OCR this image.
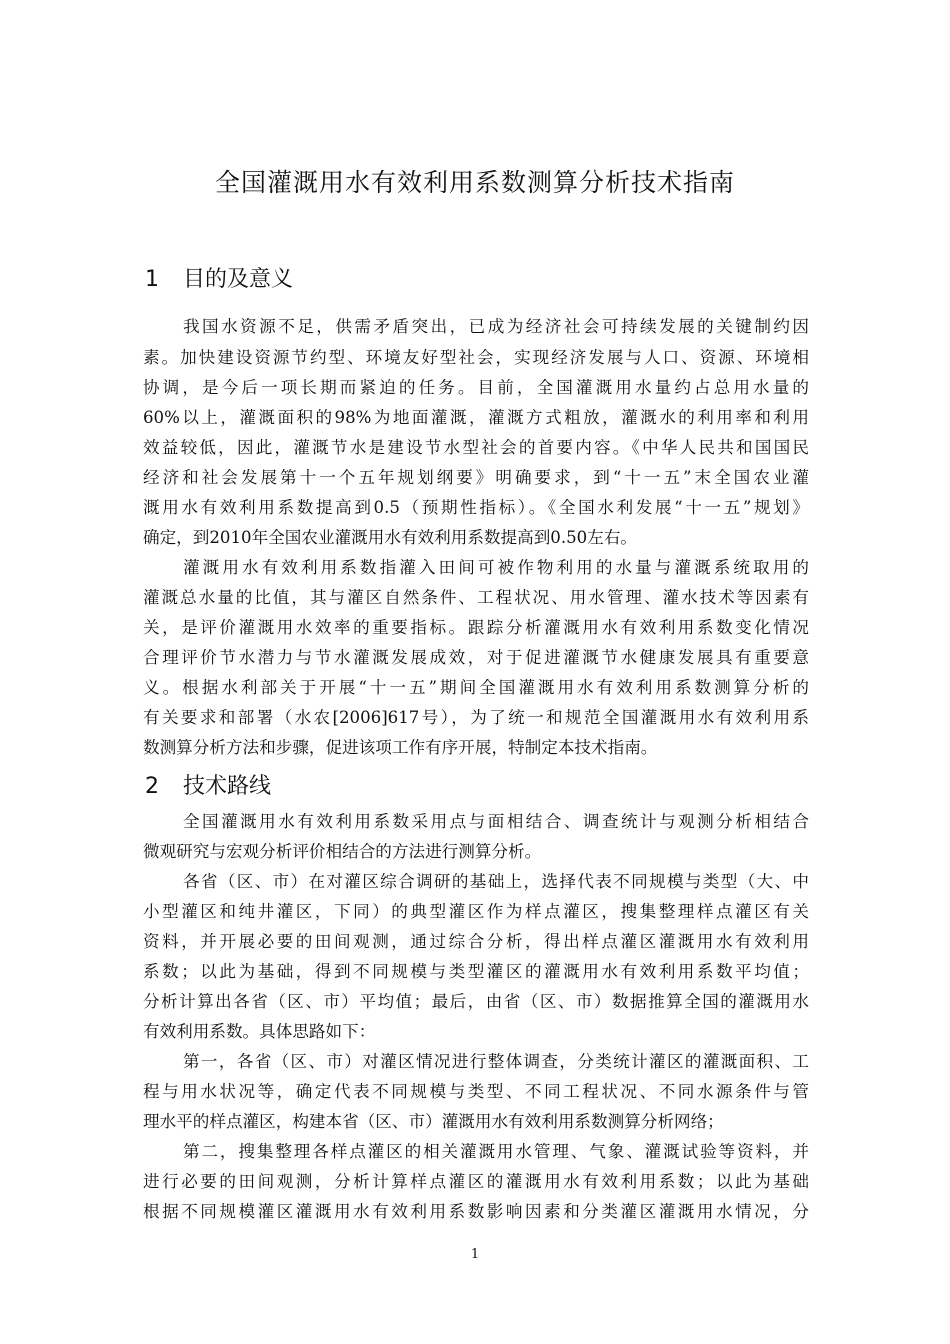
全国灌溉用水有效利用系数测算分析技术指南
1 目的及意义
我国水资源不足，供需矛盾突出，已成为经济社会可持续发展的关键制约因
素。加快建设资源节约型、环境友好型社会，实现经济发展与人口、资源、环境相
协调，是今后一项长期而紧迫的任务。目前，全国灌溉用水量约占总用水量的
60%以上，灌溉面积的98%为地面灌溉，灌溉方式粗放，灌溉水的利用率和利用
效益较低，因此，灌溉节水是建设节水型社会的首要内容。《中华人民共和国国民
经济和社会发展第十一个五年规划纲要》明确要求，到“十一五”末全国农业灌
溉用水有效利用系数提高到0.5（预期性指标）。《全国水利发展“十一五”规划》
确定，到2010年全国农业灌溉用水有效利用系数提高到0.50左右。
灌溉用水有效利用系数指灌入田间可被作物利用的水量与灌溉系统取用的
灌溉总水量的比值，其与灌区自然条件、工程状况、用水管理、灌水技术等因素有
关，是评价灌溉用水效率的重要指标。跟踪分析灌溉用水有效利用系数变化情况
合理评价节水潜力与节水灌溉发展成效，对于促进灌溉节水健康发展具有重要意
义。根据水利部关于开展“十一五”期间全国灌溉用水有效利用系数测算分析的
有关要求和部署（水农[2006]617号），为了统一和规范全国灌溉用水有效利用系
数测算分析方法和步骤，促进该项工作有序开展，特制定本技术指南。
2 技术路线
全国灌溉用水有效利用系数采用点与面相结合、调查统计与观测分析相结合
微观研究与宏观分析评价相结合的方法进行测算分析。
各省（区、市）在对灌区综合调研的基础上，选择代表不同规模与类型（大、中
小型灌区和纯井灌区，下同）的典型灌区作为样点灌区，搜集整理样点灌区有关
资料，并开展必要的田间观测，通过综合分析，得出样点灌区灌溉用水有效利用
系数；以此为基础，得到不同规模与类型灌区的灌溉用水有效利用系数平均值；
分析计算出各省（区、市）平均值；最后，由省（区、市）数据推算全国的灌溉用水
有效利用系数。具体思路如下：
第一，各省（区、市）对灌区情况进行整体调查，分类统计灌区的灌溉面积、工
程与用水状况等，确定代表不同规模与类型、不同工程状况、不同水源条件与管
理水平的样点灌区，构建本省（区、市）灌溉用水有效利用系数测算分析网络；
第二，搜集整理各样点灌区的相关灌溉用水管理、气象、灌溉试验等资料，并
进行必要的田间观测，分析计算样点灌区的灌溉用水有效利用系数；以此为基础
根据不同规模灌区灌溉用水有效利用系数影响因素和分类灌区灌溉用水情况，分
1
